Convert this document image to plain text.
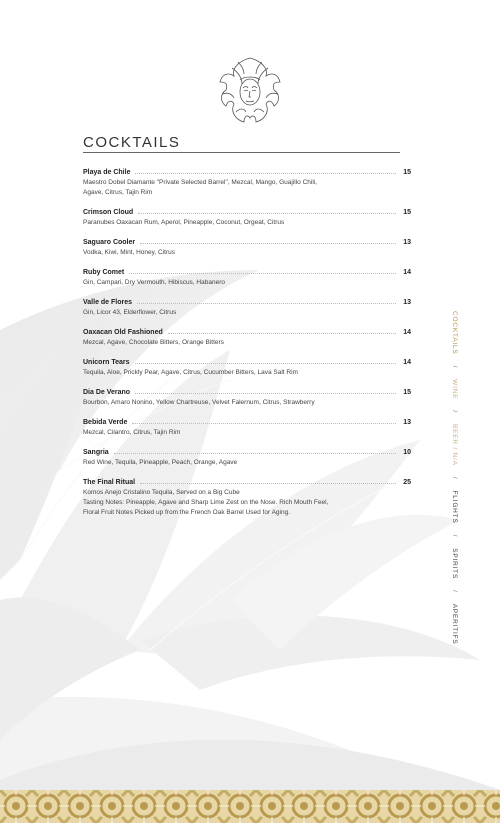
COCKTAILS
Playa de Chile	15
Maestro Dobel Diamante "Private Selected Barrel", Mezcal, Mango, Guajillo Chili,
Agave, Citrus, Tajin Rim
Crimson Cloud	15
Paranubes Oaxacan Rum, Aperol, Pineapple, Coconut, Orgeat, Citrus
Saguaro Cooler	13
Vodka, Kiwi, Mint, Honey, Citrus
Ruby Comet	14
Gin, Campari, Dry Vermouth, Hibiscus, Habanero
Valle de Flores	13
Gin, Licor 43, Elderflower, Citrus
Oaxacan Old Fashioned	14
Mezcal, Agave, Chocolate Bitters, Orange Bitters
Unicorn Tears	14
Tequila, Aloe, Prickly Pear, Agave, Citrus, Cucumber Bitters, Lava Salt Rim
Dia De Verano	15
Bourbon, Amaro Nonino, Yellow Chartreuse, Velvet Falernum, Citrus, Strawberry
Bebida Verde	13
Mezcal, Cilantro, Citrus, Tajin Rim
Sangria	10
Red Wine, Tequila, Pineapple, Peach, Orange, Agave
The Final Ritual	25
Komos Anejo Cristalino Tequila, Served on a Big Cube
Tasting Notes: Pineapple, Agave and Sharp Lime Zest on the Nose. Rich Mouth Feel,
Floral Fruit Notes Picked up from the French Oak Barrel Used for Aging.
COCKTAILS/WINE/BEER / N/A/FLIGHTS/SPIRITS/APERITIFS
